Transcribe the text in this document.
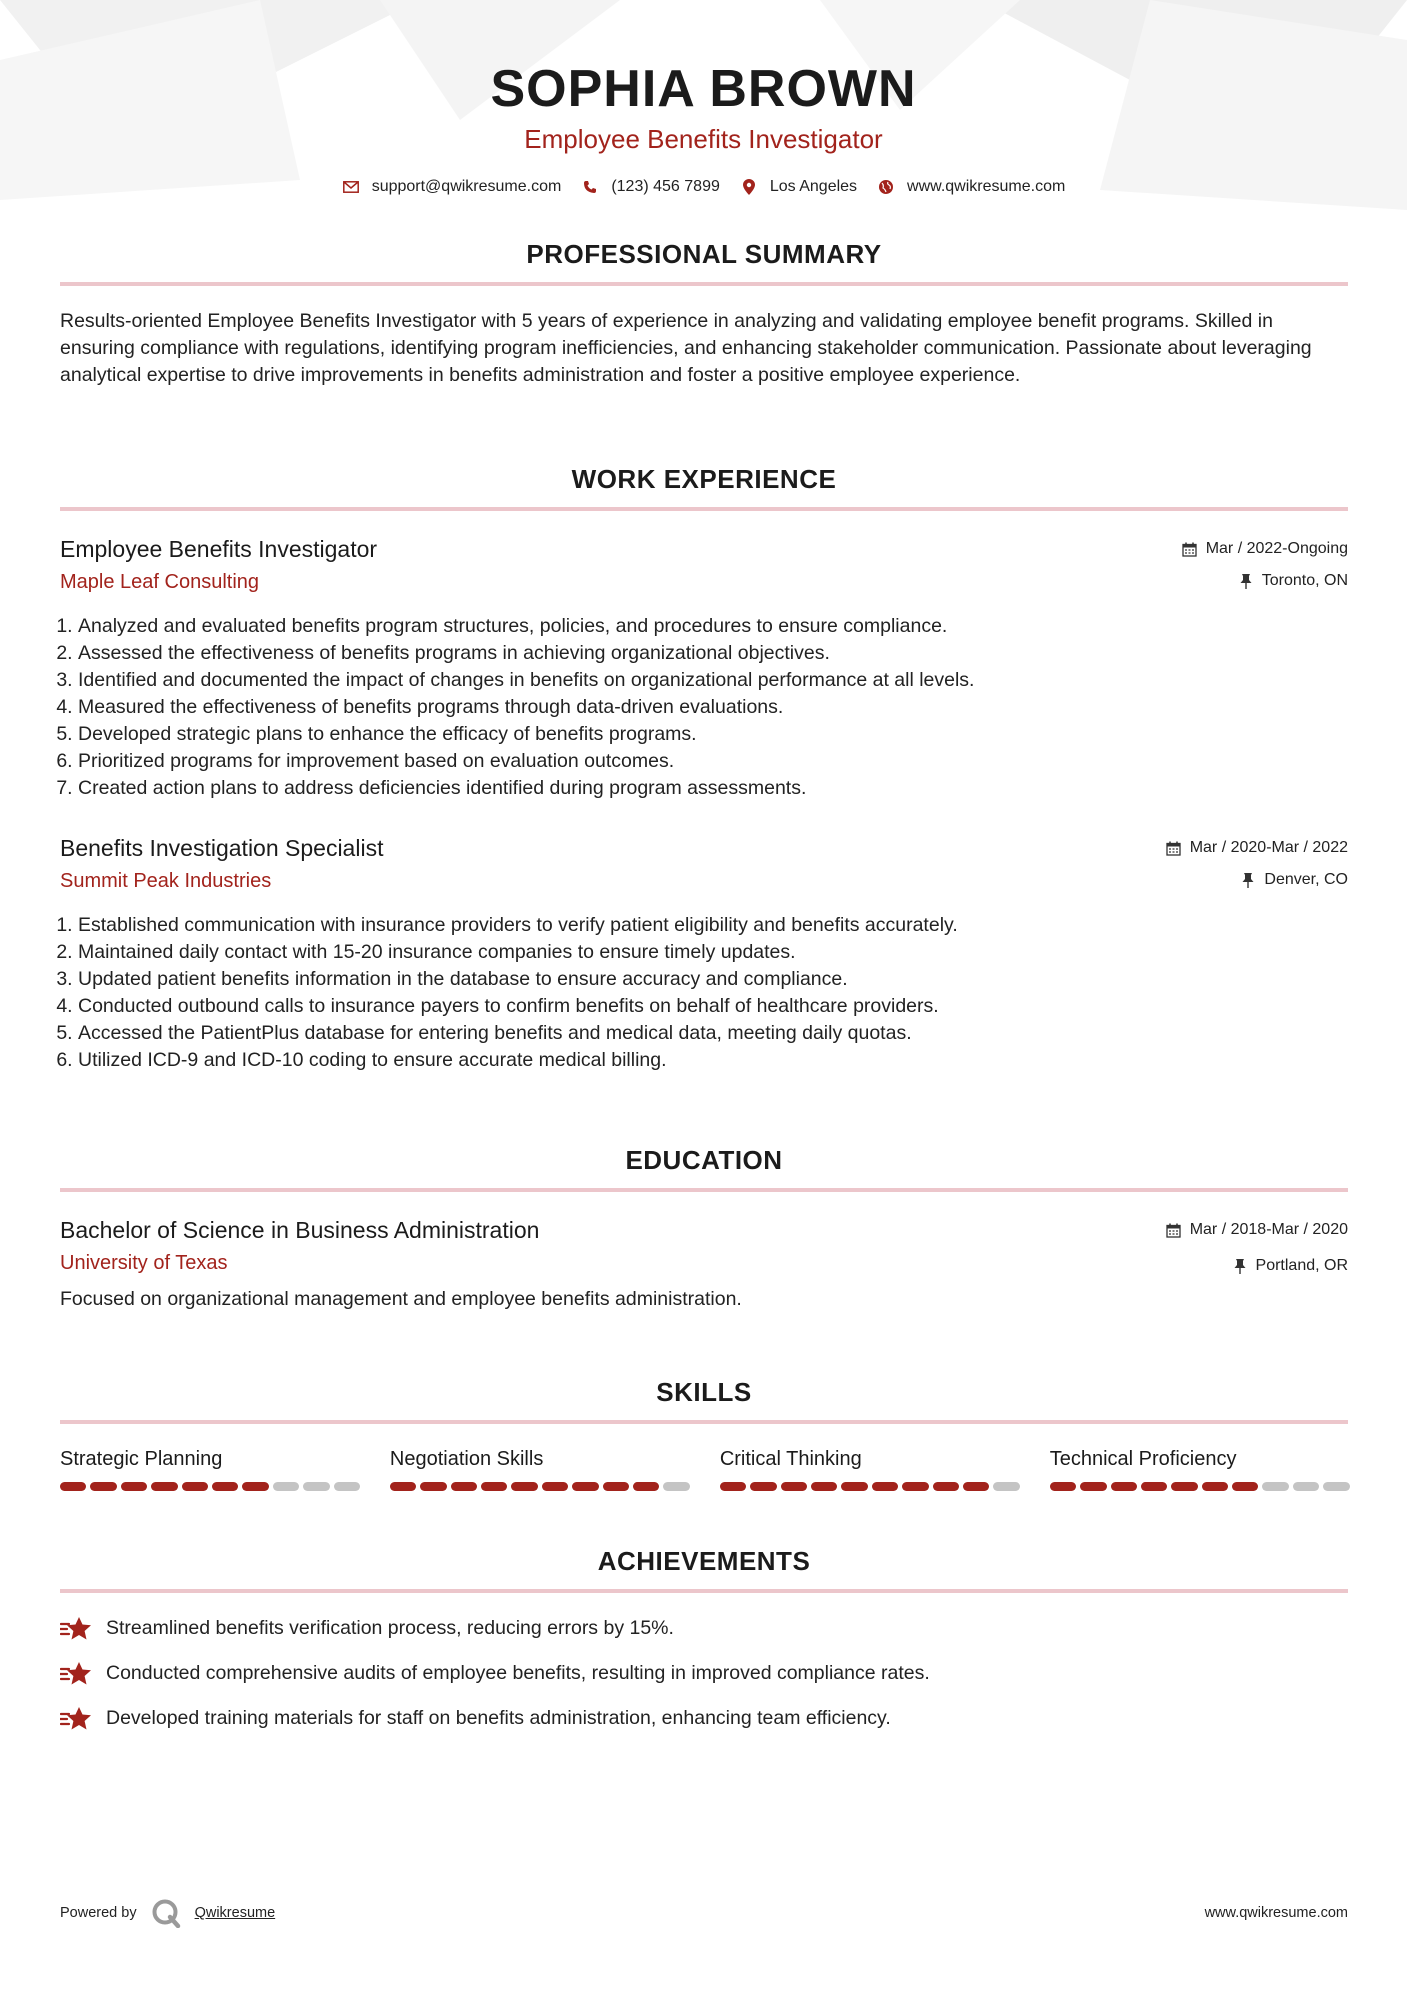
SOPHIA BROWN
Employee Benefits Investigator
support@qwikresume.com	(123) 456 7899	Los Angeles	www.qwikresume.com
PROFESSIONAL SUMMARY
Results-oriented Employee Benefits Investigator with 5 years of experience in analyzing and validating employee benefit programs. Skilled in ensuring compliance with regulations, identifying program inefficiencies, and enhancing stakeholder communication. Passionate about leveraging analytical expertise to drive improvements in benefits administration and foster a positive employee experience.
WORK EXPERIENCE
Employee Benefits Investigator
Maple Leaf Consulting
Mar / 2022-Ongoing
Toronto, ON
1. Analyzed and evaluated benefits program structures, policies, and procedures to ensure compliance.
2. Assessed the effectiveness of benefits programs in achieving organizational objectives.
3. Identified and documented the impact of changes in benefits on organizational performance at all levels.
4. Measured the effectiveness of benefits programs through data-driven evaluations.
5. Developed strategic plans to enhance the efficacy of benefits programs.
6. Prioritized programs for improvement based on evaluation outcomes.
7. Created action plans to address deficiencies identified during program assessments.
Benefits Investigation Specialist
Summit Peak Industries
Mar / 2020-Mar / 2022
Denver, CO
1. Established communication with insurance providers to verify patient eligibility and benefits accurately.
2. Maintained daily contact with 15-20 insurance companies to ensure timely updates.
3. Updated patient benefits information in the database to ensure accuracy and compliance.
4. Conducted outbound calls to insurance payers to confirm benefits on behalf of healthcare providers.
5. Accessed the PatientPlus database for entering benefits and medical data, meeting daily quotas.
6. Utilized ICD-9 and ICD-10 coding to ensure accurate medical billing.
EDUCATION
Bachelor of Science in Business Administration
University of Texas
Mar / 2018-Mar / 2020
Portland, OR
Focused on organizational management and employee benefits administration.
SKILLS
Strategic Planning	Negotiation Skills	Critical Thinking	Technical Proficiency
ACHIEVEMENTS
Streamlined benefits verification process, reducing errors by 15%.
Conducted comprehensive audits of employee benefits, resulting in improved compliance rates.
Developed training materials for staff on benefits administration, enhancing team efficiency.
Powered by	Qwikresume	www.qwikresume.com
